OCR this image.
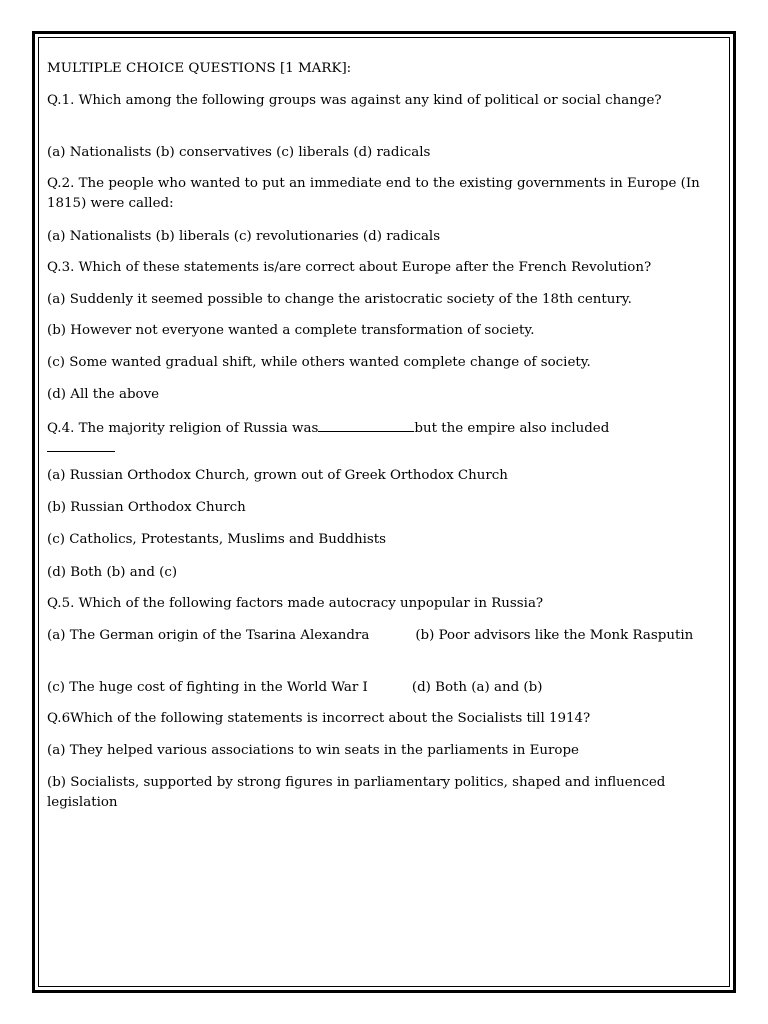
MULTIPLE CHOICE QUESTIONS [1 MARK]:
Q.1. Which among the following groups was against any kind of political or social change?
(a) Nationalists (b) conservatives (c) liberals (d) radicals
Q.2. The people who wanted to put an immediate end to the existing governments in Europe (In 1815) were called:
(a) Nationalists (b) liberals (c) revolutionaries (d) radicals
Q.3. Which of these statements is/are correct about Europe after the French Revolution?
(a) Suddenly it seemed possible to change the aristocratic society of the 18th century.
(b) However not everyone wanted a complete transformation of society.
(c) Some wanted gradual shift, while others wanted complete change of society.
(d) All the above
Q.4. The majority religion of Russia was	but the empire also included
(a) Russian Orthodox Church, grown out of Greek Orthodox Church
(b) Russian Orthodox Church
(c) Catholics, Protestants, Muslims and Buddhists
(d) Both (b) and (c)
Q.5. Which of the following factors made autocracy unpopular in Russia?
(a) The German origin of the Tsarina Alexandra	(b) Poor advisors like the Monk Rasputin
(c) The huge cost of fighting in the World War I	(d) Both (a) and (b)
Q.6Which of the following statements is incorrect about the Socialists till 1914?
(a) They helped various associations to win seats in the parliaments in Europe
(b) Socialists, supported by strong figures in parliamentary politics, shaped and influenced legislation
